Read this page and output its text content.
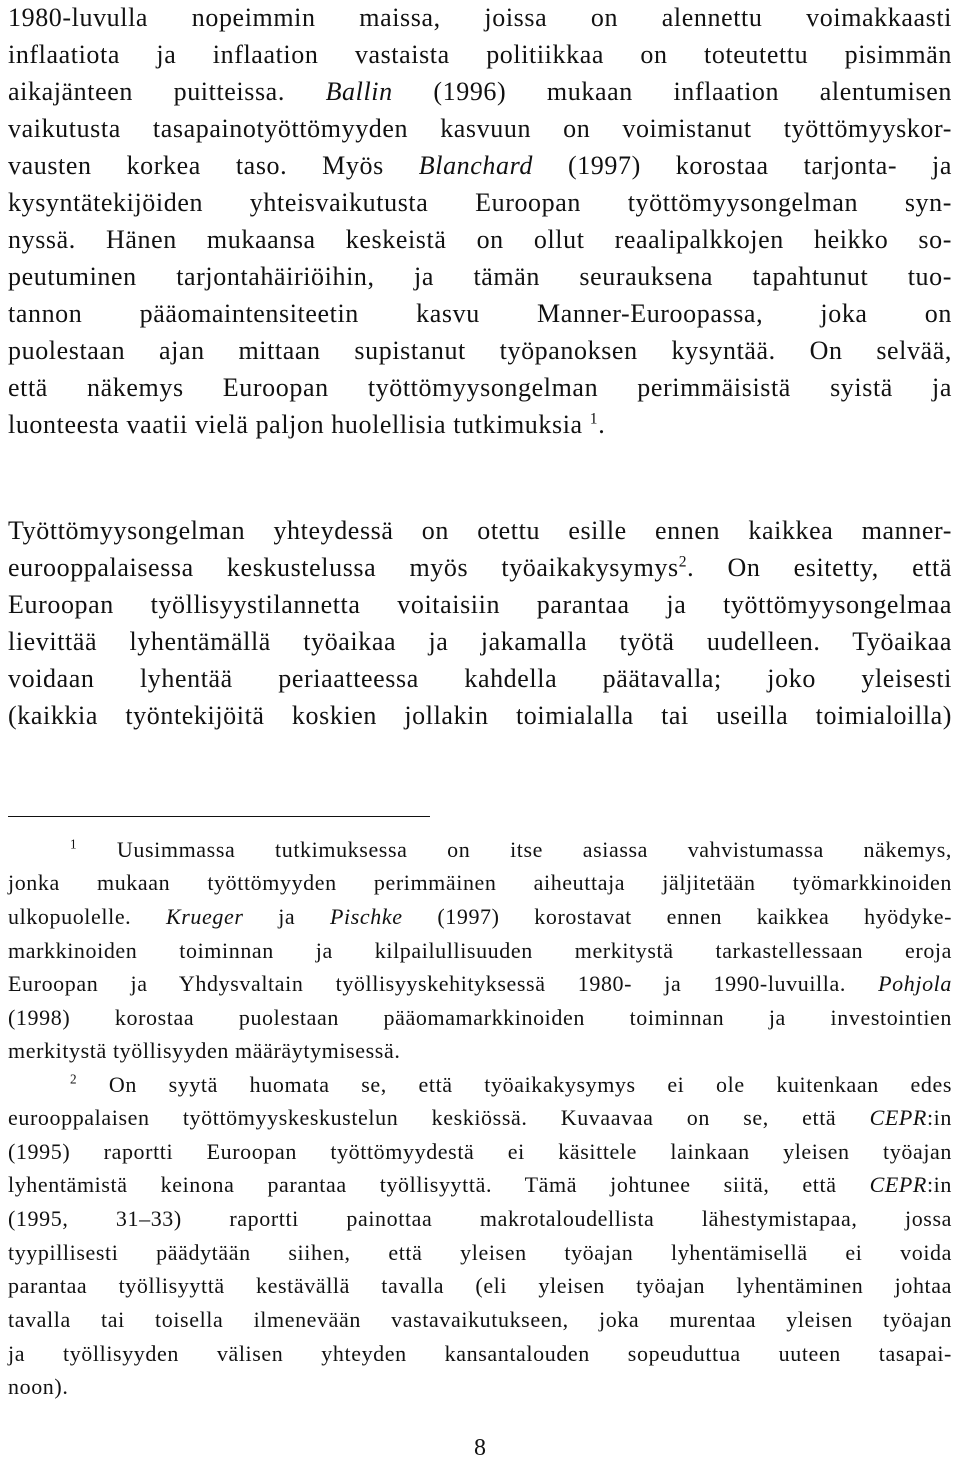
1980-luvulla nopeimmin maissa, joissa on alennettu voimakkaasti
inflaatiota ja inflaation vastaista politiikkaa on toteutettu pisimmän
aikajänteen puitteissa. Ballin (1996) mukaan inflaation alentumisen
vaikutusta tasapainotyöttömyyden kasvuun on voimistanut työttömyyskor-
vausten korkea taso. Myös Blanchard (1997) korostaa tarjonta- ja
kysyntätekijöiden yhteisvaikutusta Euroopan työttömyysongelman syn-
nyssä. Hänen mukaansa keskeistä on ollut reaalipalkkojen heikko so-
peutuminen tarjontahäiriöihin, ja tämän seurauksena tapahtunut tuo-
tannon pääomaintensiteetin kasvu Manner-Euroopassa, joka on
puolestaan ajan mittaan supistanut työpanoksen kysyntää. On selvää,
että näkemys Euroopan työttömyysongelman perimmäisistä syistä ja
luonteesta vaatii vielä paljon huolellisia tutkimuksia $^1$.
Työttömyysongelman yhteydessä on otettu esille ennen kaikkea manner-
eurooppalaisessa keskustelussa myös työaikakysymys$^2$. On esitetty, että
Euroopan työllisyystilannetta voitaisiin parantaa ja työttömyysongelmaa
lievittää lyhentämällä työaikaa ja jakamalla työtä uudelleen. Työaikaa
voidaan lyhentää periaatteessa kahdella päätavalla; joko yleisesti
(kaikkia työntekijöitä koskien jollakin toimialalla tai useilla toimialoilla)
$^1$ Uusimmassa tutkimuksessa on itse asiassa vahvistumassa näkemys,
jonka mukaan työttömyyden perimmäinen aiheuttaja jäljitetään työmarkkinoiden
ulkopuolelle. Krueger ja Pischke (1997) korostavat ennen kaikkea hyödyke-
markkinoiden toiminnan ja kilpailullisuuden merkitystä tarkastellessaan eroja
Euroopan ja Yhdysvaltain työllisyyskehityksessä 1980- ja 1990-luvuilla. Pohjola
(1998) korostaa puolestaan pääomamarkkinoiden toiminnan ja investointien
merkitystä työllisyyden määräytymisessä.
$^2$ On syytä huomata se, että työaikakysymys ei ole kuitenkaan edes
eurooppalaisen työttömyyskeskustelun keskiössä. Kuvaavaa on se, että CEPR:in
(1995) raportti Euroopan työttömyydestä ei käsittele lainkaan yleisen työajan
lyhentämistä keinona parantaa työllisyyttä. Tämä johtunee siitä, että CEPR:in
(1995, 31–33) raportti painottaa makrotaloudellista lähestymistapaa, jossa
tyypillisesti päädytään siihen, että yleisen työajan lyhentämisellä ei voida
parantaa työllisyyttä kestävällä tavalla (eli yleisen työajan lyhentäminen johtaa
tavalla tai toisella ilmenevään vastavaikutukseen, joka murentaa yleisen työajan
ja työllisyyden välisen yhteyden kansantalouden sopeuduttua uuteen tasapai-
noon).
8
